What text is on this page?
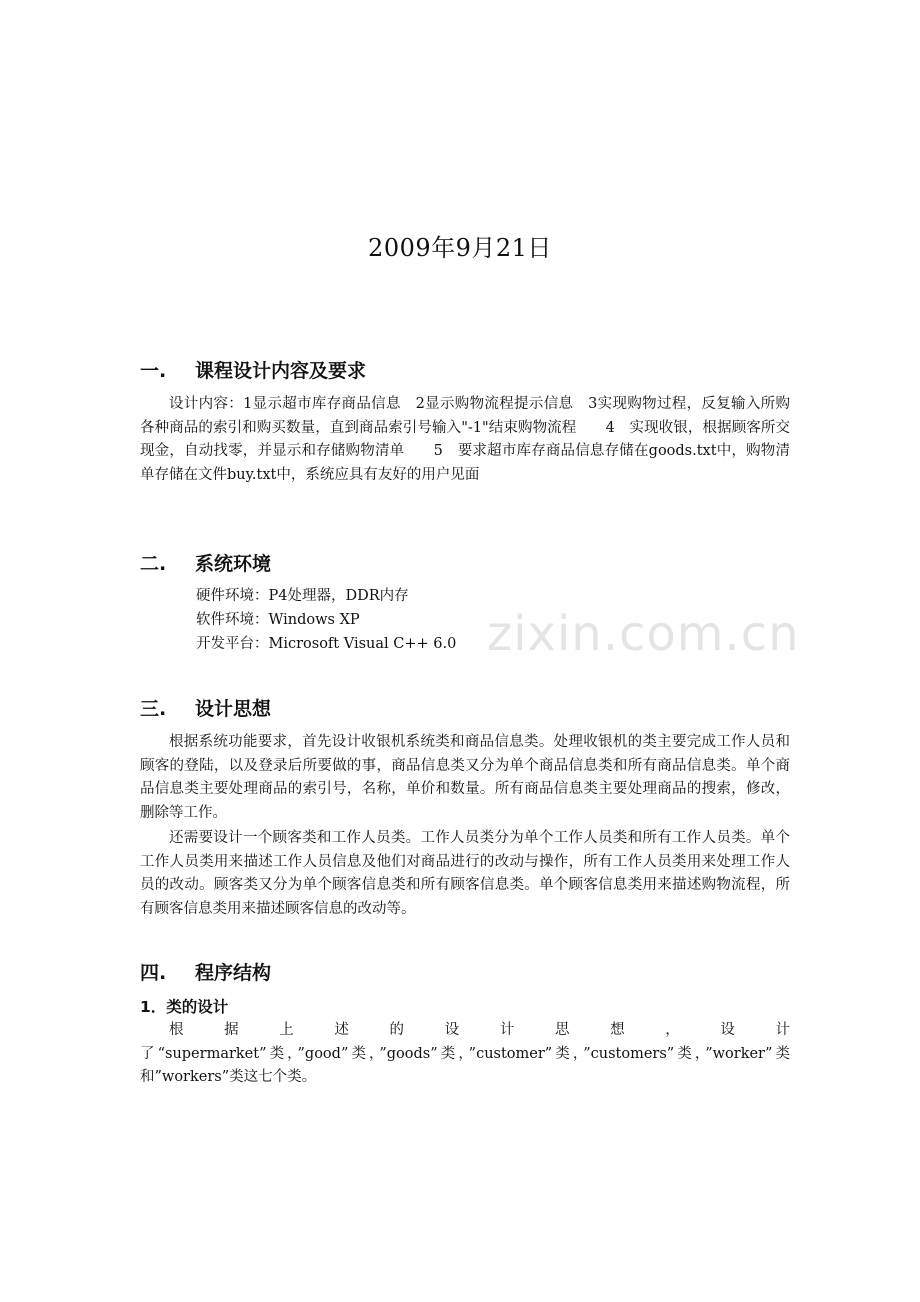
zixin.com.cn
2009年9月21日
一. 课程设计内容及要求
设计内容：1显示超市库存商品信息　2显示购物流程提示信息　3实现购物过程，反复输入所购各种商品的索引和购买数量，直到商品索引号输入"-1"结束购物流程　　4　实现收银，根据顾客所交现金，自动找零，并显示和存储购物清单　　5　要求超市库存商品信息存储在goods.txt中，购物清单存储在文件buy.txt中，系统应具有友好的用户见面
二. 系统环境
硬件环境：P4处理器，DDR内存
软件环境：Windows XP
开发平台：Microsoft Visual C++ 6.0
三. 设计思想
根据系统功能要求，首先设计收银机系统类和商品信息类。处理收银机的类主要完成工作人员和顾客的登陆，以及登录后所要做的事，商品信息类又分为单个商品信息类和所有商品信息类。单个商品信息类主要处理商品的索引号，名称，单价和数量。所有商品信息类主要处理商品的搜索，修改，删除等工作。
还需要设计一个顾客类和工作人员类。工作人员类分为单个工作人员类和所有工作人员类。单个工作人员类用来描述工作人员信息及他们对商品进行的改动与操作，所有工作人员类用来处理工作人员的改动。顾客类又分为单个顾客信息类和所有顾客信息类。单个顾客信息类用来描述购物流程，所有顾客信息类用来描述顾客信息的改动等。
四. 程序结构
1．类的设计
根据上述的设计思想，设计了“supermarket”类，”good”类，”goods”类，”customer”类，”customers”类，”worker”类和”workers”类这七个类。
